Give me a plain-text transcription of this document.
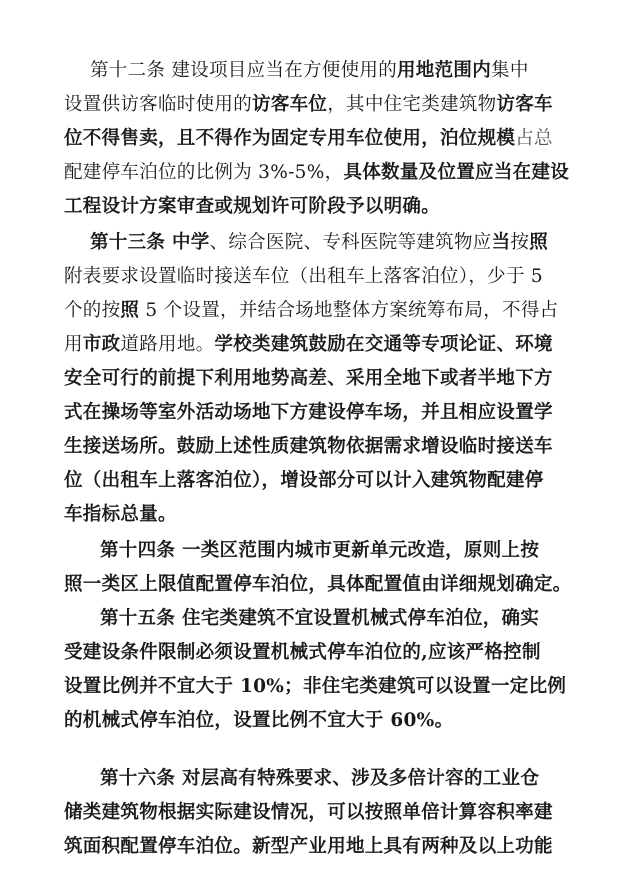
第十二条 建设项目应当在方便使用的用地范围内集中
设置供访客临时使用的访客车位，其中住宅类建筑物访客车
位不得售卖，且不得作为固定专用车位使用，泊位规模占总
配建停车泊位的比例为 3%-5%，具体数量及位置应当在建设
工程设计方案审查或规划许可阶段予以明确。
第十三条 中学、综合医院、专科医院等建筑物应当按照
附表要求设置临时接送车位（出租车上落客泊位），少于 5
个的按照 5 个设置，并结合场地整体方案统筹布局，不得占
用市政道路用地。学校类建筑鼓励在交通等专项论证、环境
安全可行的前提下利用地势高差、采用全地下或者半地下方
式在操场等室外活动场地下方建设停车场，并且相应设置学
生接送场所。鼓励上述性质建筑物依据需求增设临时接送车
位（出租车上落客泊位），增设部分可以计入建筑物配建停
车指标总量。
第十四条 一类区范围内城市更新单元改造，原则上按
照一类区上限值配置停车泊位，具体配置值由详细规划确定。
第十五条 住宅类建筑不宜设置机械式停车泊位，确实
受建设条件限制必须设置机械式停车泊位的,应该严格控制
设置比例并不宜大于 10%；非住宅类建筑可以设置一定比例
的机械式停车泊位，设置比例不宜大于 60%。
第十六条 对层高有特殊要求、涉及多倍计容的工业仓
储类建筑物根据实际建设情况，可以按照单倍计算容积率建
筑面积配置停车泊位。新型产业用地上具有两种及以上功能
